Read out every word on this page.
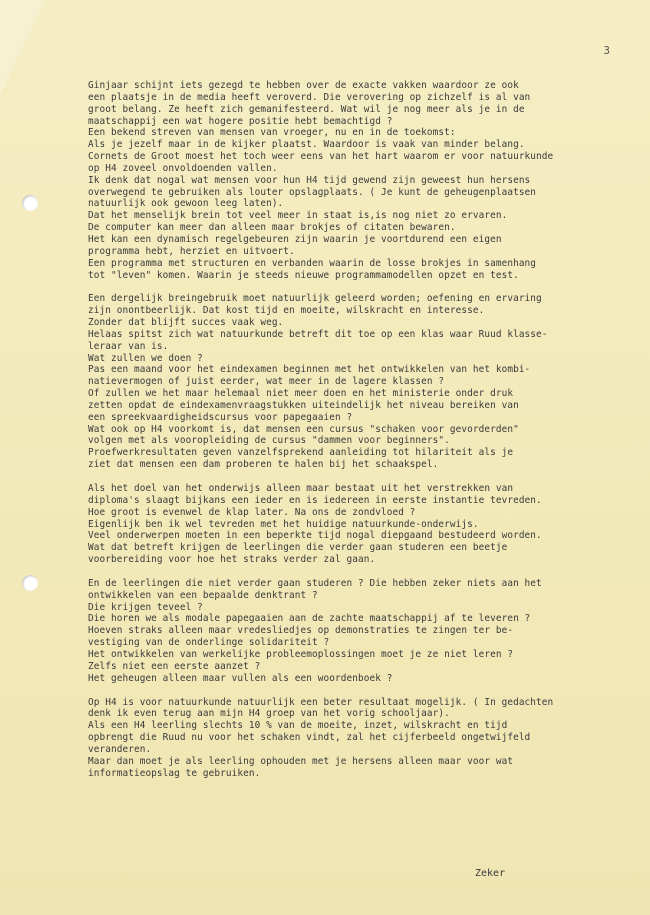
3
Ginjaar schijnt iets gezegd te hebben over de exacte vakken waardoor ze ook
een plaatsje in de media heeft veroverd. Die verovering op zichzelf is al van
groot belang. Ze heeft zich gemanifesteerd. Wat wil je nog meer als je in de
maatschappij een wat hogere positie hebt bemachtigd ?
Een bekend streven van mensen van vroeger, nu en in de toekomst:
Als je jezelf maar in de kijker plaatst. Waardoor is vaak van minder belang.
Cornets de Groot moest het toch weer eens van het hart waarom er voor natuurkunde
op H4 zoveel onvoldoenden vallen.
Ik denk dat nogal wat mensen voor hun H4 tijd gewend zijn geweest hun hersens
overwegend te gebruiken als louter opslagplaats. ( Je kunt de geheugenplaatsen
natuurlijk ook gewoon leeg laten).
Dat het menselijk brein tot veel meer in staat is,is nog niet zo ervaren.
De computer kan meer dan alleen maar brokjes of citaten bewaren.
Het kan een dynamisch regelgebeuren zijn waarin je voortdurend een eigen
programma hebt, herziet en uitvoert.
Een programma met structuren en verbanden waarin de losse brokjes in samenhang
tot "leven" komen. Waarin je steeds nieuwe programmamodellen opzet en test.
Een dergelijk breingebruik moet natuurlijk geleerd worden; oefening en ervaring
zijn onontbeerlijk. Dat kost tijd en moeite, wilskracht en interesse.
Zonder dat blijft succes vaak weg.
Helaas spitst zich wat natuurkunde betreft dit toe op een klas waar Ruud klasse-
leraar van is.
Wat zullen we doen ?
Pas een maand voor het eindexamen beginnen met het ontwikkelen van het kombi-
natievermogen of juist eerder, wat meer in de lagere klassen ?
Of zullen we het maar helemaal niet meer doen en het ministerie onder druk
zetten opdat de eindexamenvraagstukken uiteindelijk het niveau bereiken van
een spreekvaardigheidscursus voor papegaaien ?
Wat ook op H4 voorkomt is, dat mensen een cursus "schaken voor gevorderden"
volgen met als vooropleiding de cursus "dammen voor beginners".
Proefwerkresultaten geven vanzelfsprekend aanleiding tot hilariteit als je
ziet dat mensen een dam proberen te halen bij het schaakspel.
Als het doel van het onderwijs alleen maar bestaat uit het verstrekken van
diploma's slaagt bijkans een ieder en is iedereen in eerste instantie tevreden.
Hoe groot is evenwel de klap later. Na ons de zondvloed ?
Eigenlijk ben ik wel tevreden met het huidige natuurkunde-onderwijs.
Veel onderwerpen moeten in een beperkte tijd nogal diepgaand bestudeerd worden.
Wat dat betreft krijgen de leerlingen die verder gaan studeren een beetje
voorbereiding voor hoe het straks verder zal gaan.
En de leerlingen die niet verder gaan studeren ? Die hebben zeker niets aan het
ontwikkelen van een bepaalde denktrant ?
Die krijgen teveel ?
Die horen we als modale papegaaien aan de zachte maatschappij af te leveren ?
Hoeven straks alleen maar vredesliedjes op demonstraties te zingen ter be-
vestiging van de onderlinge solidariteit ?
Het ontwikkelen van werkelijke probleemoplossingen moet je ze niet leren ?
Zelfs niet een eerste aanzet ?
Het geheugen alleen maar vullen als een woordenboek ?
Op H4 is voor natuurkunde natuurlijk een beter resultaat mogelijk. ( In gedachten
denk ik even terug aan mijn H4 groep van het vorig schooljaar).
Als een H4 leerling slechts 10 % van de moeite, inzet, wilskracht en tijd
opbrengt die Ruud nu voor het schaken vindt, zal het cijferbeeld ongetwijfeld
veranderen.
Maar dan moet je als leerling ophouden met je hersens alleen maar voor wat
informatieopslag te gebruiken.
Zeker
